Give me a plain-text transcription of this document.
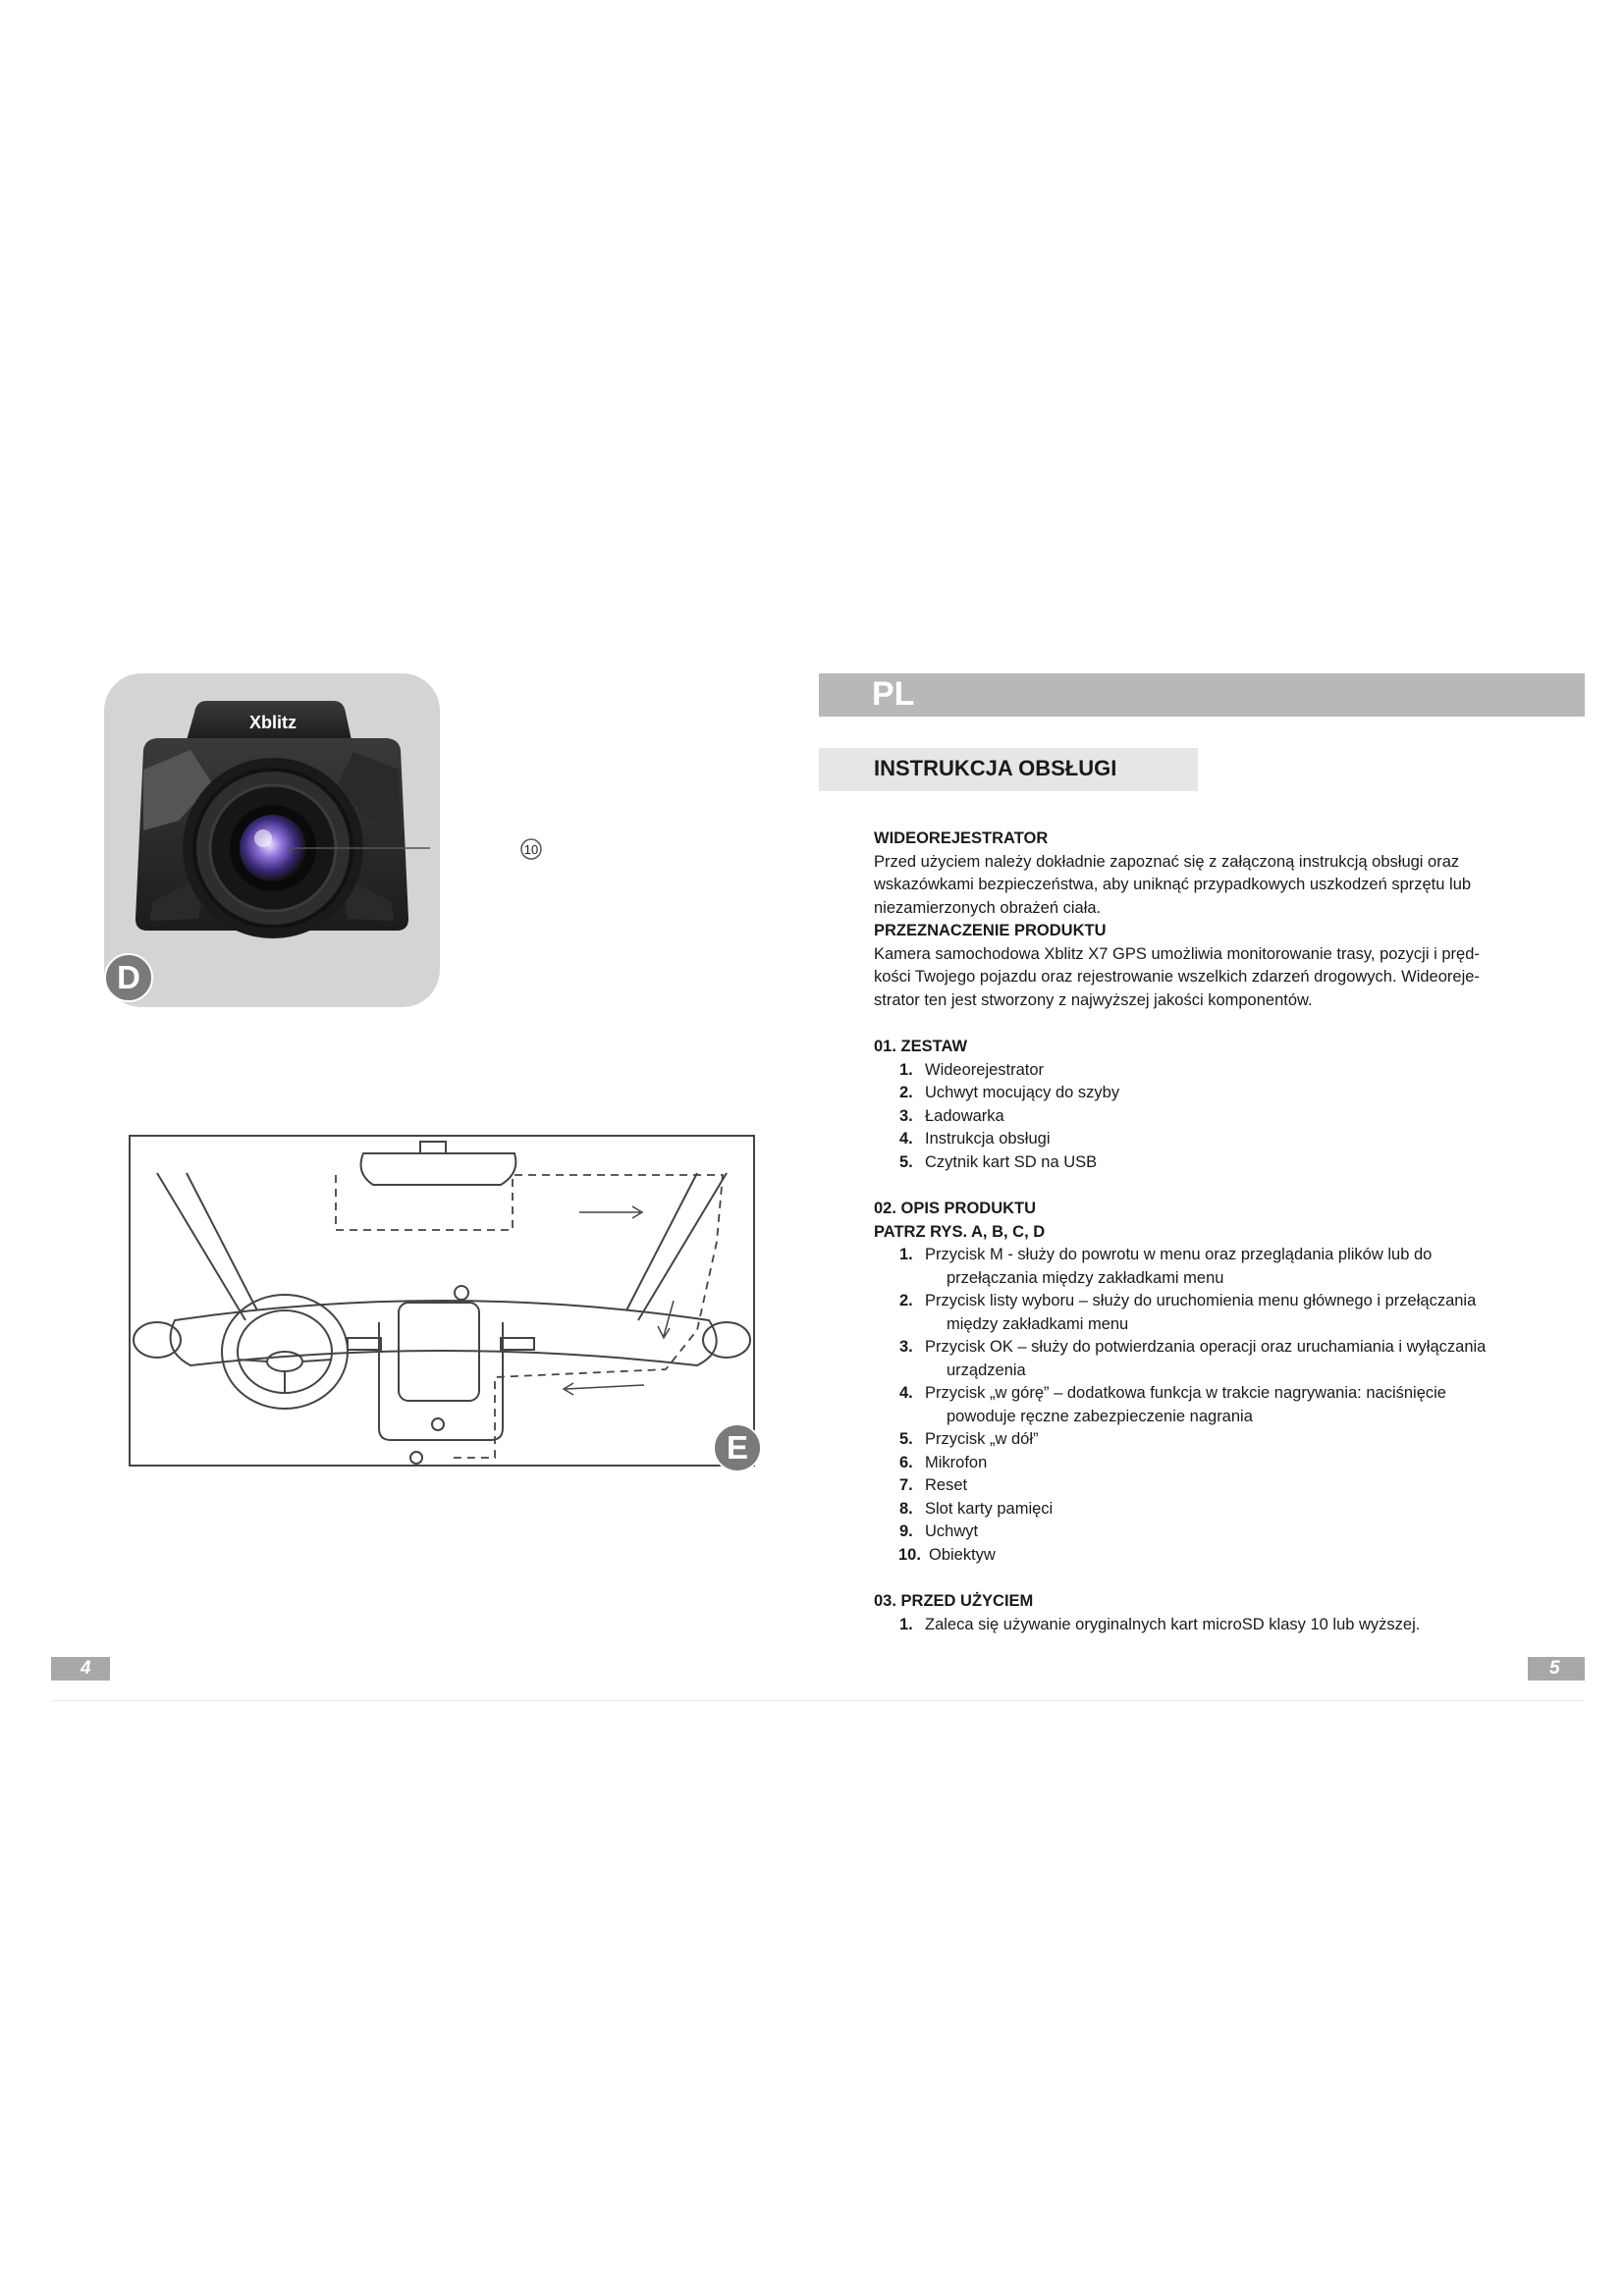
Xblitz
D
10
E
PL
INSTRUKCJA OBSŁUGI

WIDEOREJESTRATOR

Przed użyciem należy dokładnie zapoznać się z załączoną instrukcją obsługi oraz

wskazówkami bezpieczeństwa, aby uniknąć przypadkowych uszkodzeń sprzętu lub

niezamierzonych obrażeń ciała.

PRZEZNACZENIE PRODUKTU

Kamera samochodowa Xblitz X7 GPS umożliwia monitorowanie trasy, pozycji i pręd-

kości Twojego pojazdu oraz rejestrowanie wszelkich zdarzeń drogowych. Wideoreje-

strator ten jest stworzony z najwyższej jakości komponentów.

01. ZESTAW

1. Wideorejestrator
2. Uchwyt mocujący do szyby
3. Ładowarka
4. Instrukcja obsługi
5. Czytnik kart SD na USB

02. OPIS PRODUKTU

PATRZ RYS. A, B, C, D

1. Przycisk M - służy do powrotu w menu oraz przeglądania plików lub do
przełączania między zakładkami menu
2. Przycisk listy wyboru – służy do uruchomienia menu głównego i przełączania
między zakładkami menu
3. Przycisk OK – służy do potwierdzania operacji oraz uruchamiania i wyłączania
urządzenia
4. Przycisk „w górę” – dodatkowa funkcja w trakcie nagrywania: naciśnięcie
powoduje ręczne zabezpieczenie nagrania
5. Przycisk „w dół”
6. Mikrofon
7. Reset
8. Slot karty pamięci
9. Uchwyt
10. Obiektyw

03. PRZED UŻYCIEM

1. Zaleca się używanie oryginalnych kart microSD klasy 10 lub wyższej.
4	5
